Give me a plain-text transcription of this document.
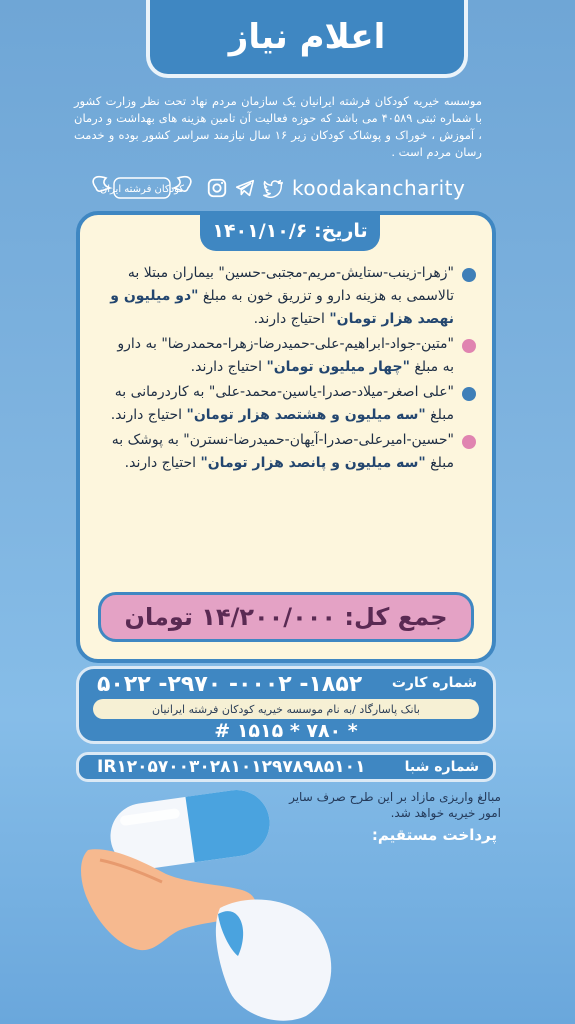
اعلام نیاز
موسسه خیریه کودکان فرشته ایرانیان یک سازمان مردم نهاد تحت نظر وزارت کشور با شماره ثبتی ۴۰۵۸۹ می باشد که حوزه فعالیت آن تامین هزینه های بهداشت و درمان ، آموزش ، خوراک و پوشاک کودکان زیر ۱۶ سال نیازمند سراسر کشور بوده و خدمت رسان مردم است .
کودکان فرشته ایران	koodakancharity
تاریخ: ۱۴۰۱/۱۰/۶
"زهرا-زینب-ستایش-مریم-مجتبی-حسین" بیماران مبتلا به تالاسمی به هزینه دارو و تزریق خون به مبلغ "دو میلیون و نهصد هزار تومان" احتیاج دارند.
"متین-جواد-ابراهیم-علی-حمیدرضا-زهرا-محمدرضا" به دارو به مبلغ "چهار میلیون تومان" احتیاج دارند.
"علی اصغر-میلاد-صدرا-یاسین-محمد-علی" به کاردرمانی به مبلغ "سه میلیون و هشتصد هزار تومان" احتیاج دارند.
"حسین-امیرعلی-صدرا-آیهان-حمیدرضا-نسترن" به پوشک به مبلغ "سه میلیون و پانصد هزار تومان" احتیاج دارند.
جمع کل: ۱۴/۲۰۰/۰۰۰ تومان
شماره کارت
۵۰۲۲ -۲۹۷۰ -۰۰۰۲ -۱۸۵۲
بانک پاسارگاد /به نام موسسه خیریه کودکان فرشته ایرانیان
# ۱۵۱۵ * ۷۸۰ *
شماره شبا
IR۱۲۰۵۷۰۰۳۰۲۸۱۰۱۲۹۷۸۹۸۵۱۰۱
مبالغ واریزی مازاد بر این طرح صرف سایر امور خیریه خواهد شد.
پرداخت مستقیم:
